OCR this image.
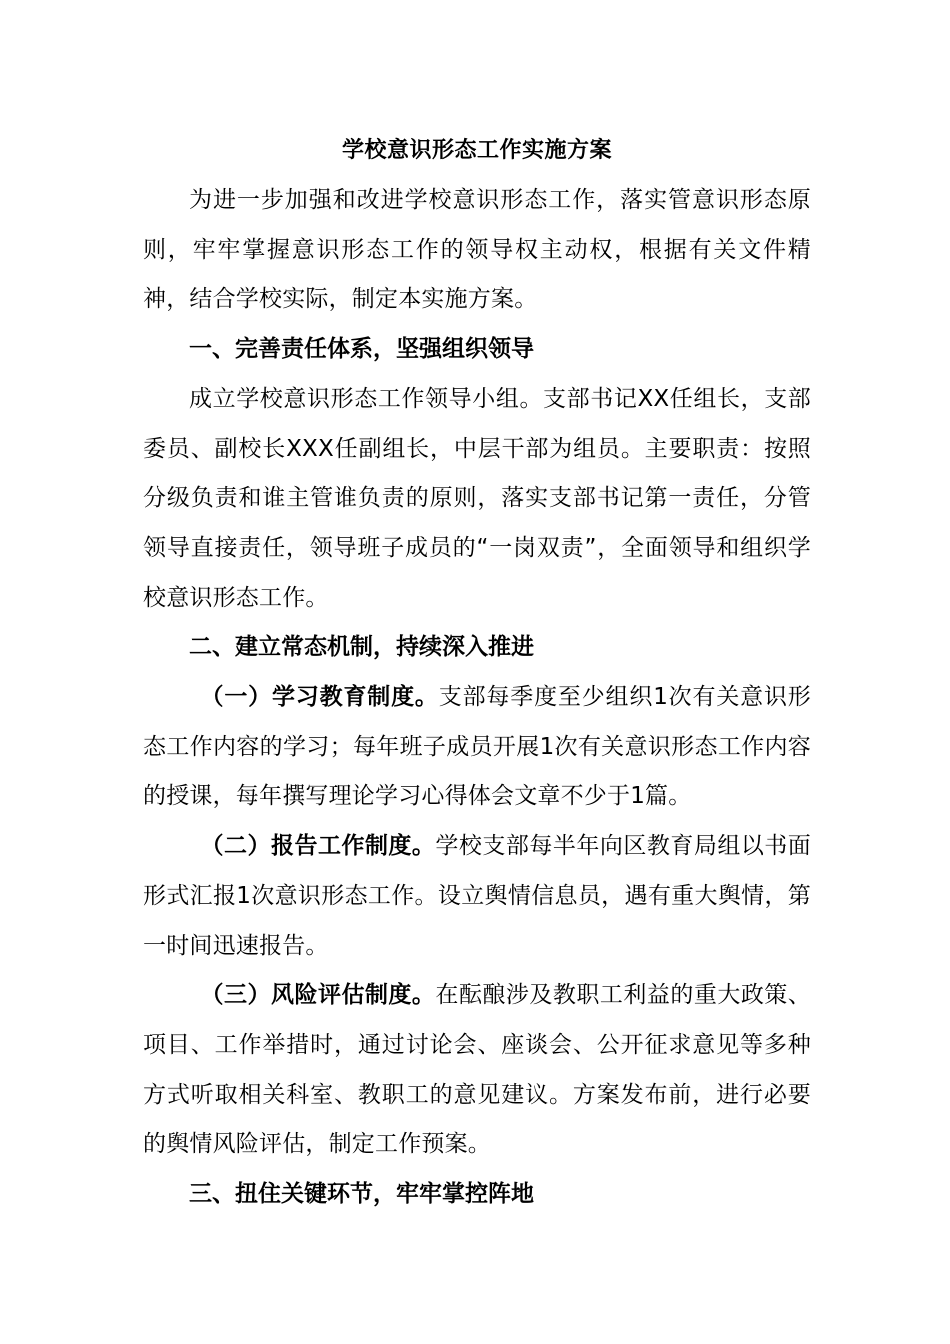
学校意识形态工作实施方案

为进一步加强和改进学校意识形态工作，落实管意识形态原则，牢牢掌握意识形态工作的领导权主动权，根据有关文件精神，结合学校实际，制定本实施方案。

一、完善责任体系，坚强组织领导

成立学校意识形态工作领导小组。支部书记XX任组长，支部委员、副校长XXX任副组长，中层干部为组员。主要职责：按照分级负责和谁主管谁负责的原则，落实支部书记第一责任，分管领导直接责任，领导班子成员的“一岗双责”，全面领导和组织学校意识形态工作。

二、建立常态机制，持续深入推进

（一）学习教育制度。支部每季度至少组织1次有关意识形态工作内容的学习；每年班子成员开展1次有关意识形态工作内容的授课，每年撰写理论学习心得体会文章不少于1篇。

（二）报告工作制度。学校支部每半年向区教育局组以书面形式汇报1次意识形态工作。设立舆情信息员，遇有重大舆情，第一时间迅速报告。

（三）风险评估制度。在酝酿涉及教职工利益的重大政策、项目、工作举措时，通过讨论会、座谈会、公开征求意见等多种方式听取相关科室、教职工的意见建议。方案发布前，进行必要的舆情风险评估，制定工作预案。

三、扭住关键环节，牢牢掌控阵地
